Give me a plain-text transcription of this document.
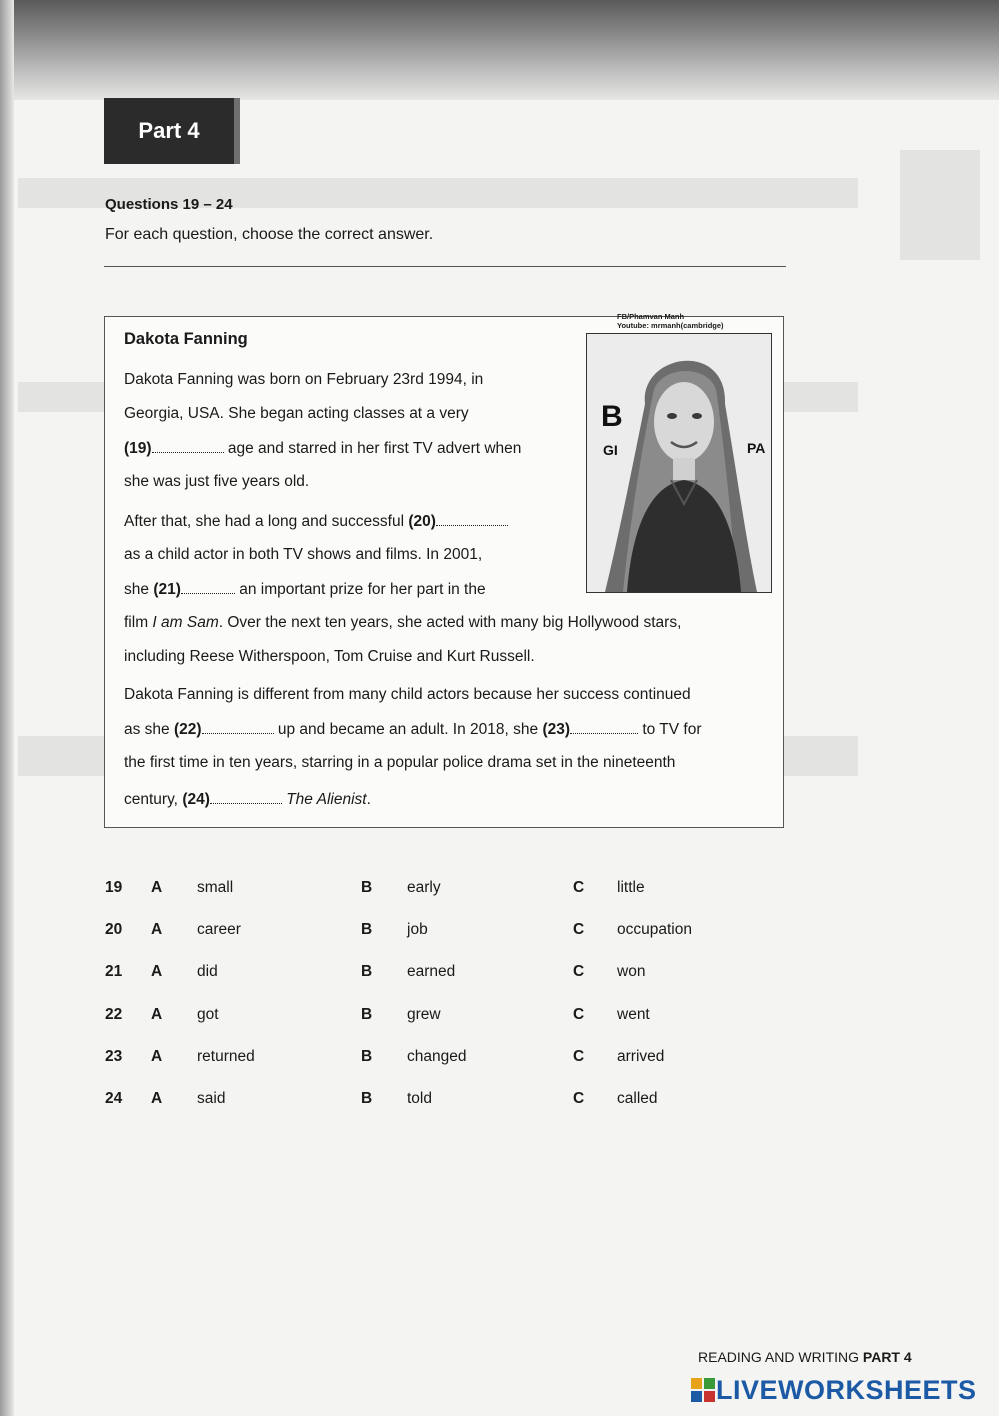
Part 4
Questions 19 – 24
For each question, choose the correct answer.
FB/Phamvan Manh
Youtube: mrmanh(cambridge)
B
GI	PA
Dakota Fanning
Dakota Fanning was born on February 23rd 1994, in
Georgia, USA. She began acting classes at a very
(19)	age and starred in her first TV advert when
she was just five years old.
After that, she had a long and successful (20)
as a child actor in both TV shows and films. In 2001,
she (21)	an important prize for her part in the
film I am Sam. Over the next ten years, she acted with many big Hollywood stars,
including Reese Witherspoon, Tom Cruise and Kurt Russell.
Dakota Fanning is different from many child actors because her success continued
as she (22)	up and became an adult. In 2018, she (23)	to TV for
the first time in ten years, starring in a popular police drama set in the nineteenth
century, (24)	The Alienist.
19 A small	B early	C little
20 A career	B job	C occupation
21 A did	B earned	C won
22 A got	B grew	C went
23 A returned	B changed	C arrived
24 A said	B told	C called
READING AND WRITING PART 4
LIVEWORKSHEETS
